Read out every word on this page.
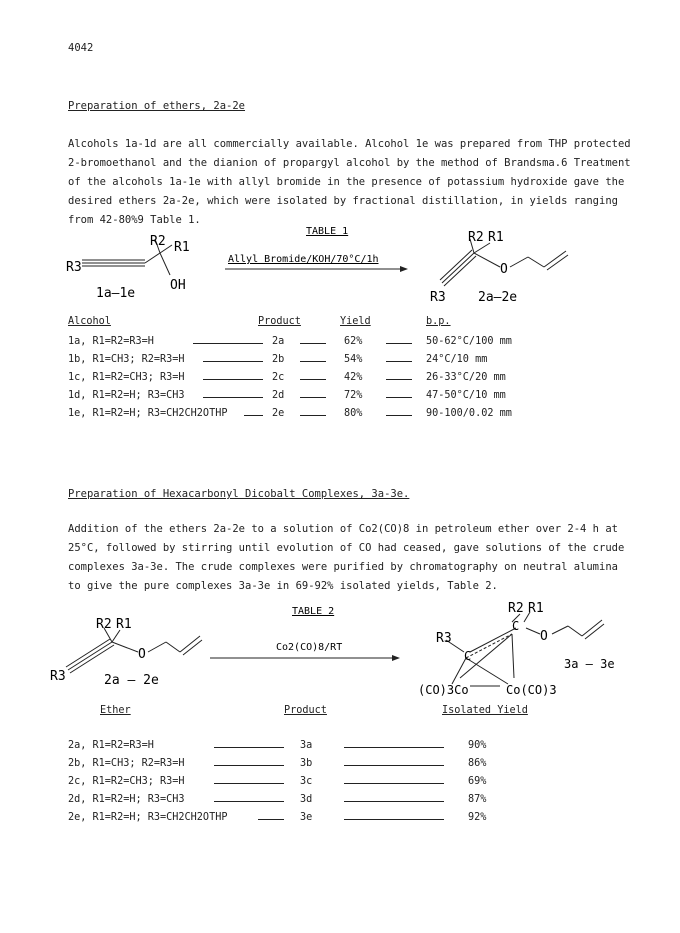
4042
Preparation of ethers, 2a-2e
Alcohols 1a-1d are all commercially available. Alcohol 1e was prepared from THP protected
2-bromoethanol and the dianion of propargyl alcohol by the method of Brandsma.6 Treatment
of the alcohols 1a-1e with allyl bromide in the presence of potassium hydroxide gave the
desired ethers 2a-2e, which were isolated by fractional distillation, in yields ranging
from 42-80%9 Table 1.
TABLE 1
R2 R1
R3
OH
1a–1e
Allyl Bromide/KOH/70°C/1h
R2 R1
R3
O
2a–2e
Alcohol	Product	Yield	b.p.
1a, R1=R2=R3=H	2a	62%	50-62°C/100 mm
1b, R1=CH3; R2=R3=H	2b	54%	24°C/10 mm
1c, R1=R2=CH3; R3=H	2c	42%	26-33°C/20 mm
1d, R1=R2=H; R3=CH3	2d	72%	47-50°C/10 mm
1e, R1=R2=H; R3=CH2CH2OTHP	2e	80%	90-100/0.02 mm
Preparation of Hexacarbonyl Dicobalt Complexes, 3a-3e.
Addition of the ethers 2a-2e to a solution of Co2(CO)8 in petroleum ether over 2-4 h at
25°C, followed by stirring until evolution of CO had ceased, gave solutions of the crude
complexes 3a-3e. The crude complexes were purified by chromatography on neutral alumina
to give the pure complexes 3a-3e in 69-92% isolated yields, Table 2.
TABLE 2
R2 R1
R3
O
2a – 2e
Co2(CO)8/RT
R2 R1
R3
C
C
O
(CO)3Co	Co(CO)3
3a – 3e
Ether	Product	Isolated Yield
2a, R1=R2=R3=H	3a	90%
2b, R1=CH3; R2=R3=H	3b	86%
2c, R1=R2=CH3; R3=H	3c	69%
2d, R1=R2=H; R3=CH3	3d	87%
2e, R1=R2=H; R3=CH2CH2OTHP	3e	92%
